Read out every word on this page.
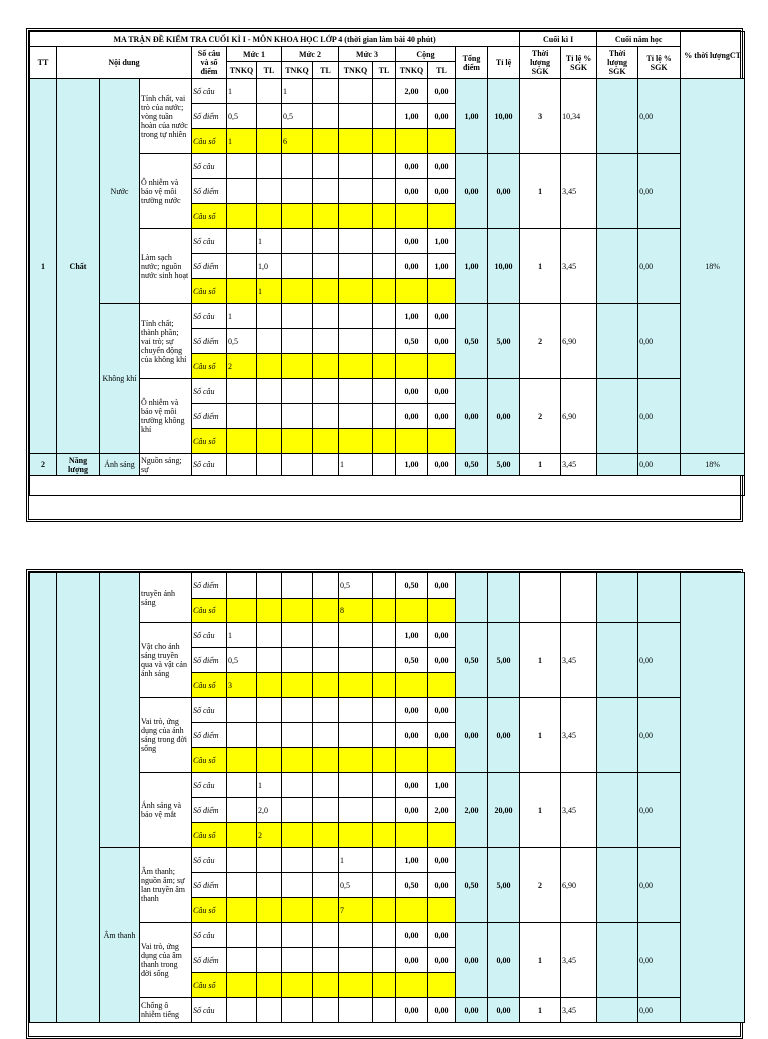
MA TRẬN ĐỀ KIỂM TRA CUỐI KÌ I - MÔN KHOA HỌC LỚP 4 (thời gian làm bài 40 phút)															Cuối kì I		Cuối năm học		% thời lượngCT
TT	Nội dung			Số câu và số điểm	Mức 1		Mức 2		Mức 3		Cộng		Tổng điểm	Tỉ lệ	Thời lượng SGK	Tỉ lệ % SGK	Thời lượng SGK	Tỉ lệ % SGK	
					TNKQ	TL	TNKQ	TL	TNKQ	TL	TNKQ	TL							
1	Chất	Nước	Tính chất, vai trò của nước; vòng tuần hoàn của nước trong tự nhiên	Số câu	1		1				2,00	0,00	1,00	10,00	3	10,34		0,00	18%
				Số điểm	0,5		0,5				1,00	0,00							
				Câu số	1		6												
			Ô nhiễm và bảo vệ môi trường nước	Số câu							0,00	0,00	0,00	0,00	1	3,45		0,00	
				Số điểm							0,00	0,00							
				Câu số															
			Làm sạch nước; nguồn nước sinh hoạt	Số câu		1					0,00	1,00	1,00	10,00	1	3,45		0,00	
				Số điểm		1,0					0,00	1,00							
				Câu số		1													
		Không khí	Tính chất; thành phần; vai trò; sự chuyển động của không khí	Số câu	1						1,00	0,00	0,50	5,00	2	6,90		0,00	
				Số điểm	0,5						0,50	0,00							
				Câu số	2														
			Ô nhiễm và bảo vệ môi trường không khí	Số câu							0,00	0,00	0,00	0,00	2	6,90		0,00	
				Số điểm							0,00	0,00							
				Câu số															
2	Năng lượng	Ánh sáng	Nguồn sáng; sự	Số câu					1		1,00	0,00	0,50	5,00	1	3,45		0,00	18%

			truyền ánh sáng	Số điểm					0,5		0,50	0,00							
				Câu số					8										
			Vật cho ánh sáng truyền qua và vật cản ánh sáng	Số câu	1						1,00	0,00	0,50	5,00	1	3,45		0,00	
				Số điểm	0,5						0,50	0,00							
				Câu số	3														
			Vai trò, ứng dụng của ánh sáng trong đời sống	Số câu							0,00	0,00	0,00	0,00	1	3,45		0,00	
				Số điểm							0,00	0,00							
				Câu số															
			Ánh sáng và bảo vệ mắt	Số câu		1					0,00	1,00	2,00	20,00	1	3,45		0,00	
				Số điểm		2,0					0,00	2,00							
				Câu số		2													
		Âm thanh	Âm thanh; nguồn âm; sự lan truyền âm thanh	Số câu					1		1,00	0,00	0,50	5,00	2	6,90		0,00	
				Số điểm					0,5		0,50	0,00							
				Câu số					7										
			Vai trò, ứng dụng của âm thanh trong đời sống	Số câu							0,00	0,00	0,00	0,00	1	3,45		0,00	
				Số điểm							0,00	0,00							
				Câu số															
			Chống ô nhiễm tiếng	Số câu							0,00	0,00	0,00	0,00	1	3,45		0,00	
